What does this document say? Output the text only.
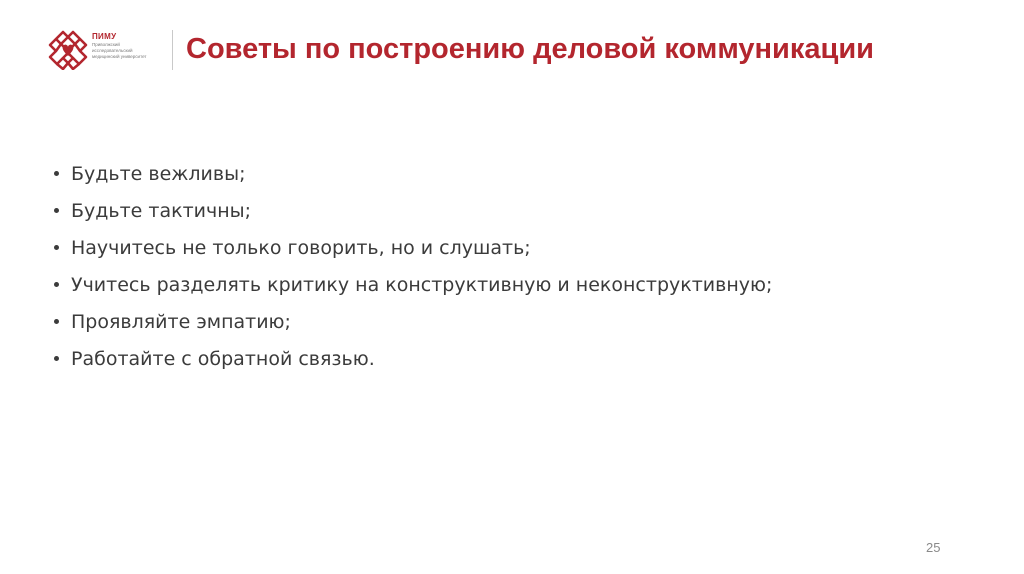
ПИМУ
Приволжский
исследовательский
медицинский университет	Советы по построению деловой коммуникации
Будьте вежливы;
Будьте тактичны;
Научитесь не только говорить, но и слушать;
Учитесь разделять критику на конструктивную и неконструктивную;
Проявляйте эмпатию;
Работайте с обратной связью.
25
